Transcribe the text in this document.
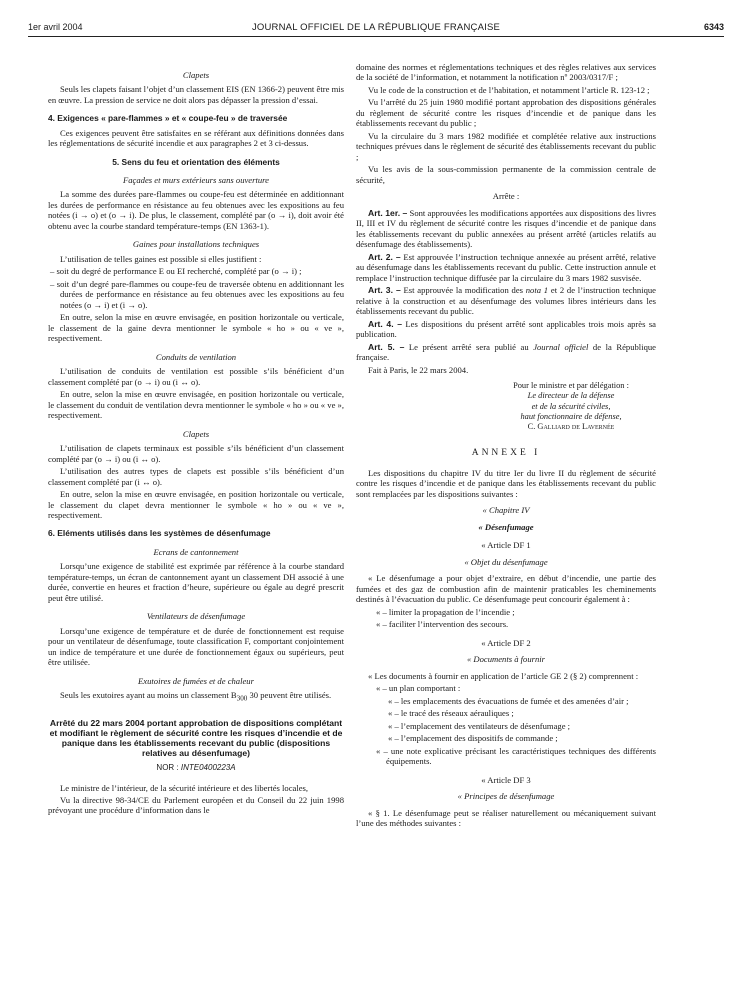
1er avril 2004	JOURNAL OFFICIEL DE LA RÉPUBLIQUE FRANÇAISE	6343
Clapets

Seuls les clapets faisant l’objet d’un classement EIS (EN 1366-2) peuvent être mis en œuvre. La pression de service ne doit alors pas dépasser la pression d’essai.

4. Exigences « pare-flammes » et « coupe-feu » de traversée

Ces exigences peuvent être satisfaites en se référant aux définitions données dans les réglementations de sécurité incendie et aux paragraphes 2 et 3 ci-dessus.

5. Sens du feu et orientation des éléments
Façades et murs extérieurs sans ouverture

La somme des durées pare-flammes ou coupe-feu est déterminée en additionnant les durées de performance en résistance au feu obtenues avec les expositions au feu notées (i → o) et (o → i). De plus, le classement, complété par (o → i), doit avoir été obtenu avec la courbe standard température-temps (EN 1363-1).

Gaines pour installations techniques

L’utilisation de telles gaines est possible si elles justifient :

– soit du degré de performance E ou EI recherché, complété par (o → i) ;
– soit d’un degré pare-flammes ou coupe-feu de traversée obtenu en additionnant les durées de performance en résistance au feu obtenues avec les expositions au feu notées (o → i) et (i → o).

En outre, selon la mise en œuvre envisagée, en position horizontale ou verticale, le classement de la gaine devra mentionner le symbole « ho » ou « ve », respectivement.

Conduits de ventilation

L’utilisation de conduits de ventilation est possible s’ils bénéficient d’un classement complété par (o → i) ou (i ↔ o).

En outre, selon la mise en œuvre envisagée, en position horizontale ou verticale, le classement du conduit de ventilation devra mentionner le symbole « ho » ou « ve », respectivement.

Clapets

L’utilisation de clapets terminaux est possible s’ils bénéficient d’un classement complété par (o → i) ou (i ↔ o).

L’utilisation des autres types de clapets est possible s’ils bénéficient d’un classement complété par (i ↔ o).

En outre, selon la mise en œuvre envisagée, en position horizontale ou verticale, le classement du clapet devra mentionner le symbole « ho » ou « ve », respectivement.

6. Eléments utilisés dans les systèmes de désenfumage
Ecrans de cantonnement

Lorsqu’une exigence de stabilité est exprimée par référence à la courbe standard température-temps, un écran de cantonnement ayant un classement DH associé à une durée, convertie en heures et fraction d’heure, supérieure ou égale au degré prescrit peut être utilisé.

Ventilateurs de désenfumage

Lorsqu’une exigence de température et de durée de fonctionnement est requise pour un ventilateur de désenfumage, toute classification F, comportant conjointement un indice de température et une durée de fonctionnement égaux ou supérieurs, peut être utilisée.

Exutoires de fumées et de chaleur

Seuls les exutoires ayant au moins un classement $B_{300}$ 30 peuvent être utilisés.

Arrêté du 22 mars 2004 portant approbation de dispositions complétant et modifiant le règlement de sécurité contre les risques d’incendie et de panique dans les établissements recevant du public (dispositions relatives au désenfumage)
NOR : INTE0400223A

Le ministre de l’intérieur, de la sécurité intérieure et des libertés locales,

Vu la directive 98-34/CE du Parlement européen et du Conseil du 22 juin 1998 prévoyant une procédure d’information dans le

domaine des normes et réglementations techniques et des règles relatives aux services de la société de l’information, et notamment la notification nº 2003/0317/F ;

Vu le code de la construction et de l’habitation, et notamment l’article R. 123-12 ;

Vu l’arrêté du 25 juin 1980 modifié portant approbation des dispositions générales du règlement de sécurité contre les risques d’incendie et de panique dans les établissements recevant du public ;

Vu la circulaire du 3 mars 1982 modifiée et complétée relative aux instructions techniques prévues dans le règlement de sécurité des établissements recevant du public ;

Vu les avis de la sous-commission permanente de la commission centrale de sécurité,

Arrête :

Art. 1er. – Sont approuvées les modifications apportées aux dispositions des livres II, III et IV du règlement de sécurité contre les risques d’incendie et de panique dans les établissements recevant du public annexées au présent arrêté (articles relatifs au désenfumage des établissements).

Art. 2. – Est approuvée l’instruction technique annexée au présent arrêté, relative au désenfumage dans les établissements recevant du public. Cette instruction annule et remplace l’instruction technique diffusée par la circulaire du 3 mars 1982 susvisée.

Art. 3. – Est approuvée la modification des nota 1 et 2 de l’instruction technique relative à la construction et au désenfumage des volumes libres intérieurs dans les établissements recevant du public.

Art. 4. – Les dispositions du présent arrêté sont applicables trois mois après sa publication.

Art. 5. – Le présent arrêté sera publié au Journal officiel de la République française.

Fait à Paris, le 22 mars 2004.

Pour le ministre et par délégation :
Le directeur de la défense
et de la sécurité civiles,
haut fonctionnaire de défense,
C. Galliard de Lavernée
ANNEXE I

Les dispositions du chapitre IV du titre Ier du livre II du règlement de sécurité contre les risques d’incendie et de panique dans les établissements recevant du public sont remplacées par les dispositions suivantes :

« Chapitre IV
« Désenfumage
« Article DF 1
« Objet du désenfumage

« Le désenfumage a pour objet d’extraire, en début d’incendie, une partie des fumées et des gaz de combustion afin de maintenir praticables les cheminements destinés à l’évacuation du public. Ce désenfumage peut concourir également à :

« – limiter la propagation de l’incendie ;
« – faciliter l’intervention des secours.
« Article DF 2
« Documents à fournir

« Les documents à fournir en application de l’article GE 2 (§ 2) comprennent :

« – un plan comportant :
« – les emplacements des évacuations de fumée et des amenées d’air ;
« – le tracé des réseaux aérauliques ;
« – l’emplacement des ventilateurs de désenfumage ;
« – l’emplacement des dispositifs de commande ;
« – une note explicative précisant les caractéristiques techniques des différents équipements.
« Article DF 3
« Principes de désenfumage

« § 1. Le désenfumage peut se réaliser naturellement ou mécaniquement suivant l’une des méthodes suivantes :
